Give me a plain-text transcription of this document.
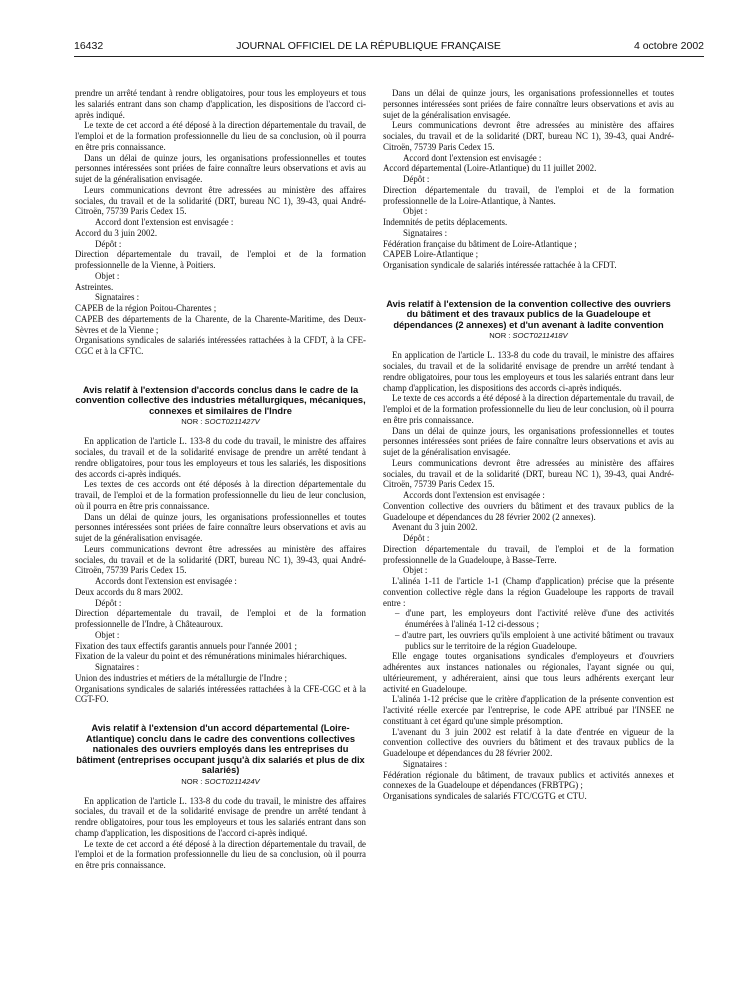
16432	JOURNAL OFFICIEL DE LA RÉPUBLIQUE FRANÇAISE	4 octobre 2002

prendre un arrêté tendant à rendre obligatoires, pour tous les employeurs et tous les salariés entrant dans son champ d'application, les dispositions de l'accord ci-après indiqué.

Le texte de cet accord a été déposé à la direction départementale du travail, de l'emploi et de la formation professionnelle du lieu de sa conclusion, où il pourra en être pris connaissance.

Dans un délai de quinze jours, les organisations professionnelles et toutes personnes intéressées sont priées de faire connaître leurs observations et avis au sujet de la généralisation envisagée.

Leurs communications devront être adressées au ministère des affaires sociales, du travail et de la solidarité (DRT, bureau NC 1), 39-43, quai André-Citroën, 75739 Paris Cedex 15.

Accord dont l'extension est envisagée :

Accord du 3 juin 2002.

Dépôt :

Direction départementale du travail, de l'emploi et de la formation professionnelle de la Vienne, à Poitiers.

Objet :

Astreintes.

Signataires :

CAPEB de la région Poitou-Charentes ;

CAPEB des départements de la Charente, de la Charente-Maritime, des Deux-Sèvres et de la Vienne ;

Organisations syndicales de salariés intéressées rattachées à la CFDT, à la CFE-CGC et à la CFTC.

Avis relatif à l'extension d'accords conclus dans le cadre de la convention collective des industries métallurgiques, mécaniques, connexes et similaires de l'Indre

NOR : SOCT0211427V

En application de l'article L. 133-8 du code du travail, le ministre des affaires sociales, du travail et de la solidarité envisage de prendre un arrêté tendant à rendre obligatoires, pour tous les employeurs et tous les salariés, les dispositions des accords ci-après indiqués.

Les textes de ces accords ont été déposés à la direction départementale du travail, de l'emploi et de la formation professionnelle du lieu de leur conclusion, où il pourra en être pris connaissance.

Dans un délai de quinze jours, les organisations professionnelles et toutes personnes intéressées sont priées de faire connaître leurs observations et avis au sujet de la généralisation envisagée.

Leurs communications devront être adressées au ministère des affaires sociales, du travail et de la solidarité (DRT, bureau NC 1), 39-43, quai André-Citroën, 75739 Paris Cedex 15.

Accords dont l'extension est envisagée :

Deux accords du 8 mars 2002.

Dépôt :

Direction départementale du travail, de l'emploi et de la formation professionnelle de l'Indre, à Châteauroux.

Objet :

Fixation des taux effectifs garantis annuels pour l'année 2001 ;

Fixation de la valeur du point et des rémunérations minimales hiérarchiques.

Signataires :

Union des industries et métiers de la métallurgie de l'Indre ;

Organisations syndicales de salariés intéressées rattachées à la CFE-CGC et à la CGT-FO.

Avis relatif à l'extension d'un accord départemental (Loire-Atlantique) conclu dans le cadre des conventions collectives nationales des ouvriers employés dans les entreprises du bâtiment (entreprises occupant jusqu'à dix salariés et plus de dix salariés)

NOR : SOCT0211424V

En application de l'article L. 133-8 du code du travail, le ministre des affaires sociales, du travail et de la solidarité envisage de prendre un arrêté tendant à rendre obligatoires, pour tous les employeurs et tous les salariés entrant dans son champ d'application, les dispositions de l'accord ci-après indiqué.

Le texte de cet accord a été déposé à la direction départementale du travail, de l'emploi et de la formation professionnelle du lieu de sa conclusion, où il pourra en être pris connaissance.

Dans un délai de quinze jours, les organisations professionnelles et toutes personnes intéressées sont priées de faire connaître leurs observations et avis au sujet de la généralisation envisagée.

Leurs communications devront être adressées au ministère des affaires sociales, du travail et de la solidarité (DRT, bureau NC 1), 39-43, quai André-Citroën, 75739 Paris Cedex 15.

Accord dont l'extension est envisagée :

Accord départemental (Loire-Atlantique) du 11 juillet 2002.

Dépôt :

Direction départementale du travail, de l'emploi et de la formation professionnelle de la Loire-Atlantique, à Nantes.

Objet :

Indemnités de petits déplacements.

Signataires :

Fédération française du bâtiment de Loire-Atlantique ;

CAPEB Loire-Atlantique ;

Organisation syndicale de salariés intéressée rattachée à la CFDT.

Avis relatif à l'extension de la convention collective des ouvriers du bâtiment et des travaux publics de la Guadeloupe et dépendances (2 annexes) et d'un avenant à ladite convention

NOR : SOCT0211418V

En application de l'article L. 133-8 du code du travail, le ministre des affaires sociales, du travail et de la solidarité envisage de prendre un arrêté tendant à rendre obligatoires, pour tous les employeurs et tous les salariés entrant dans leur champ d'application, les dispositions des accords ci-après indiqués.

Le texte de ces accords a été déposé à la direction départementale du travail, de l'emploi et de la formation professionnelle du lieu de leur conclusion, où il pourra en être pris connaissance.

Dans un délai de quinze jours, les organisations professionnelles et toutes personnes intéressées sont priées de faire connaître leurs observations et avis au sujet de la généralisation envisagée.

Leurs communications devront être adressées au ministère des affaires sociales, du travail et de la solidarité (DRT, bureau NC 1), 39-43, quai André-Citroën, 75739 Paris Cedex 15.

Accords dont l'extension est envisagée :

Convention collective des ouvriers du bâtiment et des travaux publics de la Guadeloupe et dépendances du 28 février 2002 (2 annexes).

Avenant du 3 juin 2002.

Dépôt :

Direction départementale du travail, de l'emploi et de la formation professionnelle de la Guadeloupe, à Basse-Terre.

Objet :

L'alinéa 1-11 de l'article 1-1 (Champ d'application) précise que la présente convention collective règle dans la région Guadeloupe les rapports de travail entre :

– d'une part, les employeurs dont l'activité relève d'une des activités énumérées à l'alinéa 1-12 ci-dessous ;

– d'autre part, les ouvriers qu'ils emploient à une activité bâtiment ou travaux publics sur le territoire de la région Guadeloupe.

Elle engage toutes organisations syndicales d'employeurs et d'ouvriers adhérentes aux instances nationales ou régionales, l'ayant signée ou qui, ultérieurement, y adhéreraient, ainsi que tous leurs adhérents exerçant leur activité en Guadeloupe.

L'alinéa 1-12 précise que le critère d'application de la présente convention est l'activité réelle exercée par l'entreprise, le code APE attribué par l'INSEE ne constituant à cet égard qu'une simple présomption.

L'avenant du 3 juin 2002 est relatif à la date d'entrée en vigueur de la convention collective des ouvriers du bâtiment et des travaux publics de la Guadeloupe et dépendances du 28 février 2002.

Signataires :

Fédération régionale du bâtiment, de travaux publics et activités annexes et connexes de la Guadeloupe et dépendances (FRBTPG) ;

Organisations syndicales de salariés FTC/CGTG et CTU.
